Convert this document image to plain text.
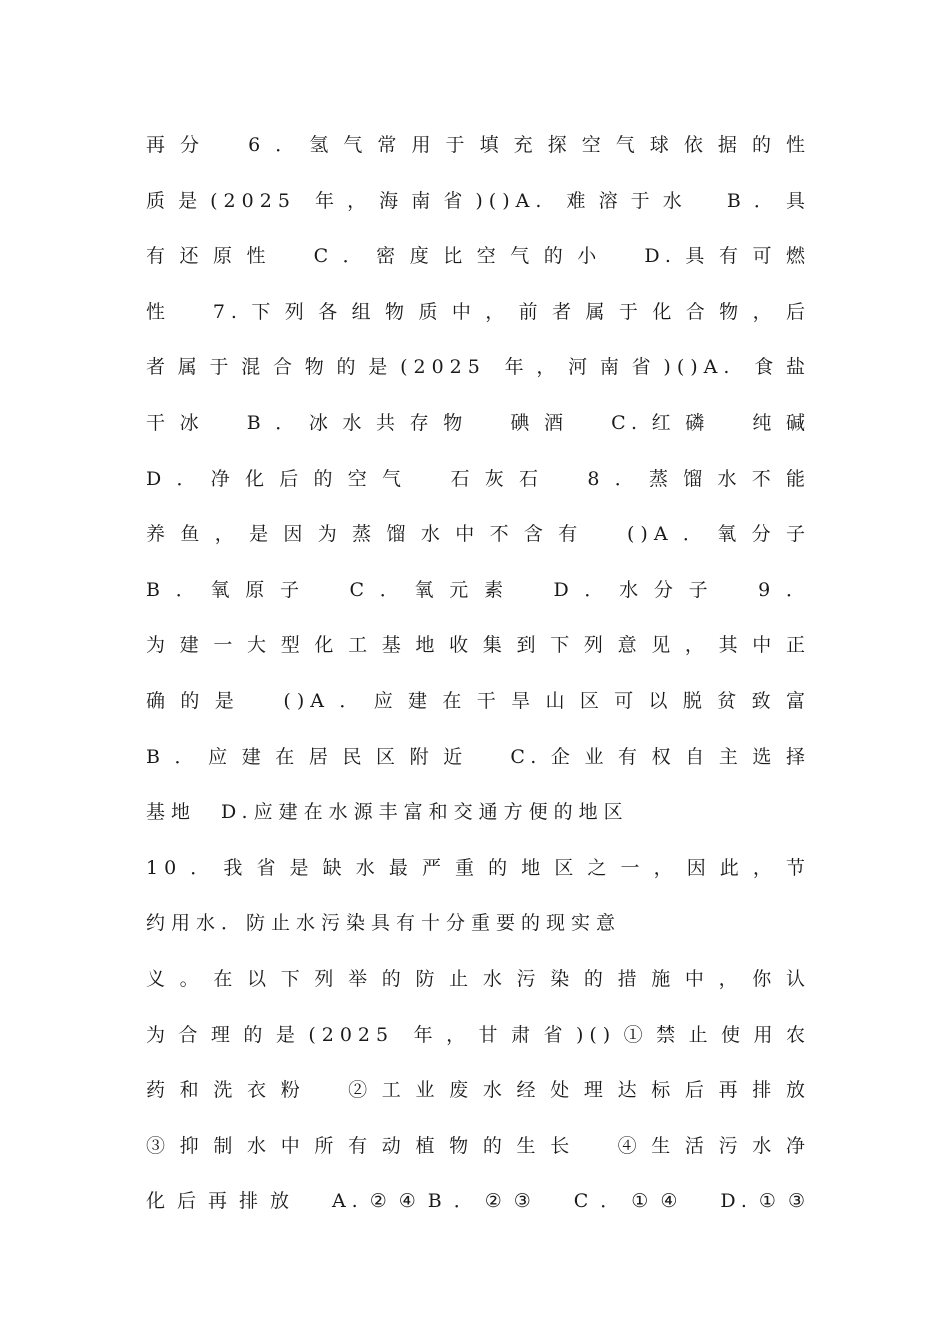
再分　6．氢气常用于填充探空气球依据的性
质是(2025 年，海南省)()A. 难溶于水　B．具
有还原性　C．密度比空气的小　D.具有可燃
性　7.下列各组物质中，前者属于化合物，后
者属于混合物的是(2025 年，河南省)()A. 食盐
干冰　B．冰水共存物　碘酒　C.红磷　纯碱
D．净化后的空气　石灰石　8．蒸馏水不能
养鱼，是因为蒸馏水中不含有　()A．氧分子
B．氧原子　C．氧元素　D．水分子　9．
为建一大型化工基地收集到下列意见，其中正
确的是　()A．应建在干旱山区可以脱贫致富
B．应建在居民区附近　C.企业有权自主选择
基地　D.应建在水源丰富和交通方便的地区
10．我省是缺水最严重的地区之一，因此，节
约用水．防止水污染具有十分重要的现实意
义。在以下列举的防止水污染的措施中，你认
为合理的是(2025 年，甘肃省)()①禁止使用农
药和洗衣粉　②工业废水经处理达标后再排放
③抑制水中所有动植物的生长　④生活污水净
化后再排放　A.②④B．②③　C．①④　D.①③
